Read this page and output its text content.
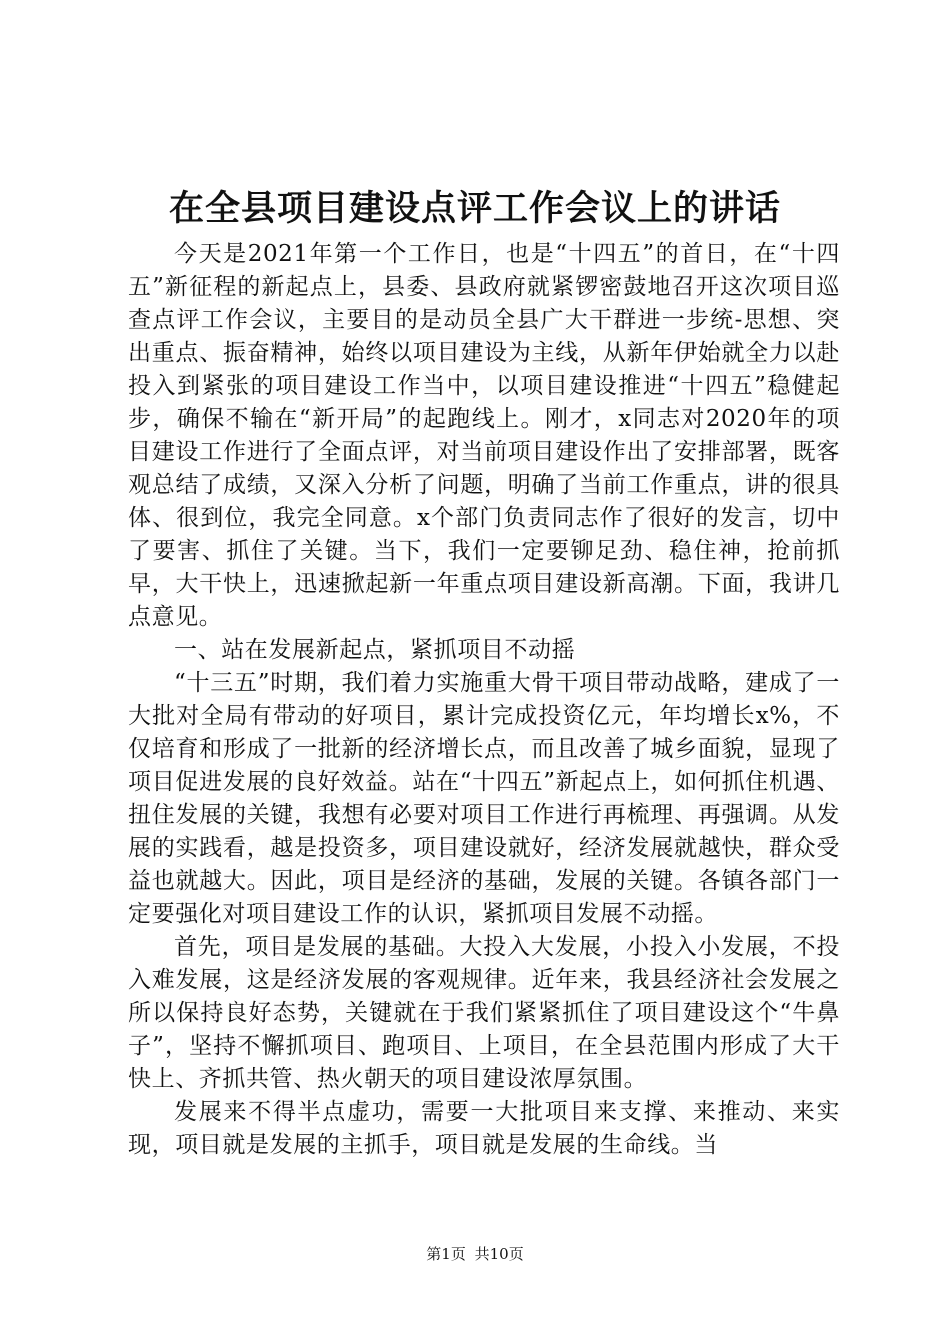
在全县项目建设点评工作会议上的讲话

今天是2021年第一个工作日，也是“十四五”的首日，在“十四五”新征程的新起点上，县委、县政府就紧锣密鼓地召开这次项目巡查点评工作会议，主要目的是动员全县广大干群进一步统-思想、突出重点、振奋精神，始终以项目建设为主线，从新年伊始就全力以赴投入到紧张的项目建设工作当中，以项目建设推进“十四五”稳健起步，确保不输在“新开局”的起跑线上。刚才，x同志对2020年的项目建设工作进行了全面点评，对当前项目建设作出了安排部署，既客观总结了成绩，又深入分析了问题，明确了当前工作重点，讲的很具体、很到位，我完全同意。x个部门负责同志作了很好的发言，切中了要害、抓住了关键。当下，我们一定要铆足劲、稳住神，抢前抓早，大干快上，迅速掀起新一年重点项目建设新高潮。下面，我讲几点意见。

一、站在发展新起点，紧抓项目不动摇

“十三五”时期，我们着力实施重大骨干项目带动战略，建成了一大批对全局有带动的好项目，累计完成投资亿元，年均增长x%，不仅培育和形成了一批新的经济增长点，而且改善了城乡面貌，显现了项目促进发展的良好效益。站在“十四五”新起点上，如何抓住机遇、扭住发展的关键，我想有必要对项目工作进行再梳理、再强调。从发展的实践看，越是投资多，项目建设就好，经济发展就越快，群众受益也就越大。因此，项目是经济的基础，发展的关键。各镇各部门一定要强化对项目建设工作的认识，紧抓项目发展不动摇。

首先，项目是发展的基础。大投入大发展，小投入小发展，不投入难发展，这是经济发展的客观规律。近年来，我县经济社会发展之所以保持良好态势，关键就在于我们紧紧抓住了项目建设这个“牛鼻子”，坚持不懈抓项目、跑项目、上项目，在全县范围内形成了大干快上、齐抓共管、热火朝天的项目建设浓厚氛围。

发展来不得半点虚功，需要一大批项目来支撑、来推动、来实现，项目就是发展的主抓手，项目就是发展的生命线。当

第1页 共10页
